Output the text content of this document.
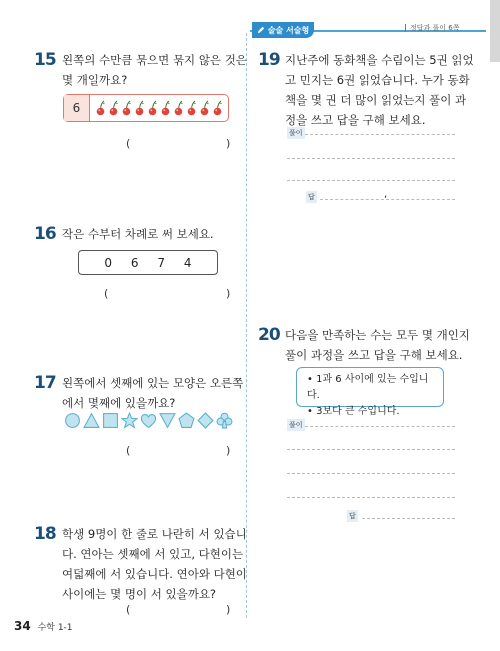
술술 서술형	정답과 풀이 6쪽
15 왼쪽의 수만큼 묶으면 묶지 않은 것은
몇 개일까요?
6
(	)
16 작은 수부터 차례로 써 보세요.
0 6 7 4
(	)
17 왼쪽에서 셋째에 있는 모양은 오른쪽
에서 몇째에 있을까요?
(	)
18 학생 9명이 한 줄로 나란히 서 있습니
다. 연아는 셋째에 서 있고, 다현이는
여덟째에 서 있습니다. 연아와 다현이
사이에는 몇 명이 서 있을까요?
(	)
19 지난주에 동화책을 수림이는 5권 읽었
고 민지는 6권 읽었습니다. 누가 동화
책을 몇 권 더 많이 읽었는지 풀이 과
정을 쓰고 답을 구해 보세요.
풀이
답	,
20 다음을 만족하는 수는 모두 몇 개인지
풀이 과정을 쓰고 답을 구해 보세요.
• 1과 6 사이에 있는 수입니다.
• 3보다 큰 수입니다.
풀이
답
34 수학 1-1
